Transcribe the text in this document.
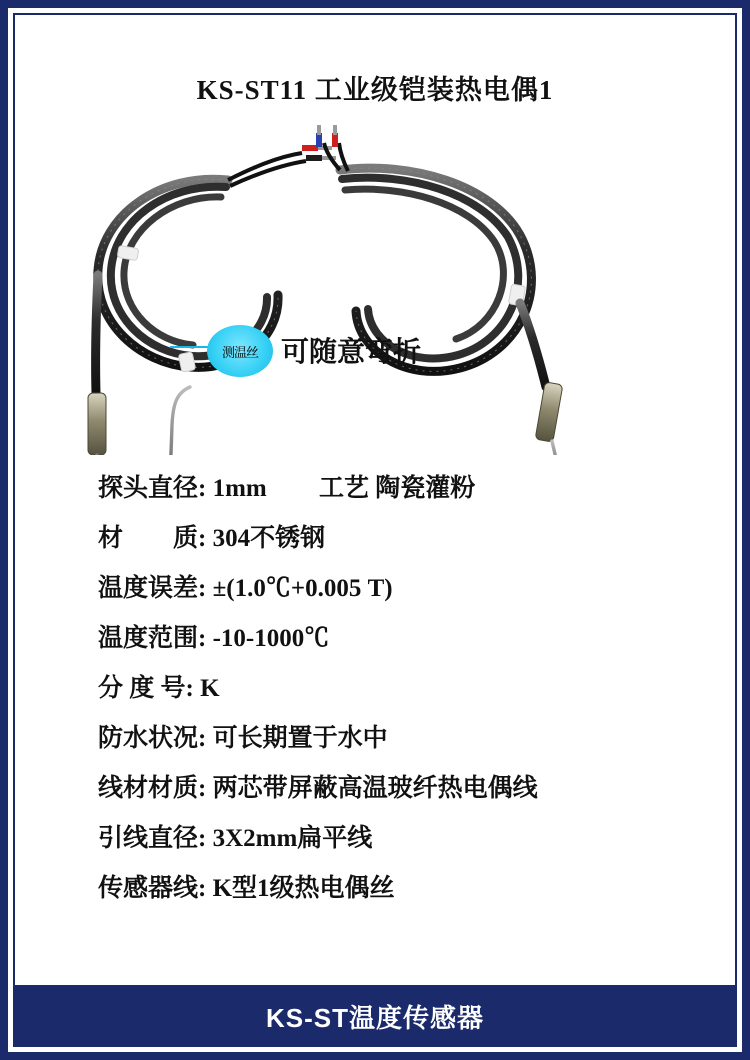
KS-ST11 工业级铠装热电偶1
测温丝 可随意弯折
探头直径: 1mm 工艺 陶瓷灌粉
材　　质: 304不锈钢
温度误差: ±(1.0℃+0.005 T)
温度范围: -10-1000℃
分 度 号: K
防水状况: 可长期置于水中
线材材质: 两芯带屏蔽高温玻纤热电偶线
引线直径: 3X2mm扁平线
传感器线: K型1级热电偶丝
KS-ST温度传感器
